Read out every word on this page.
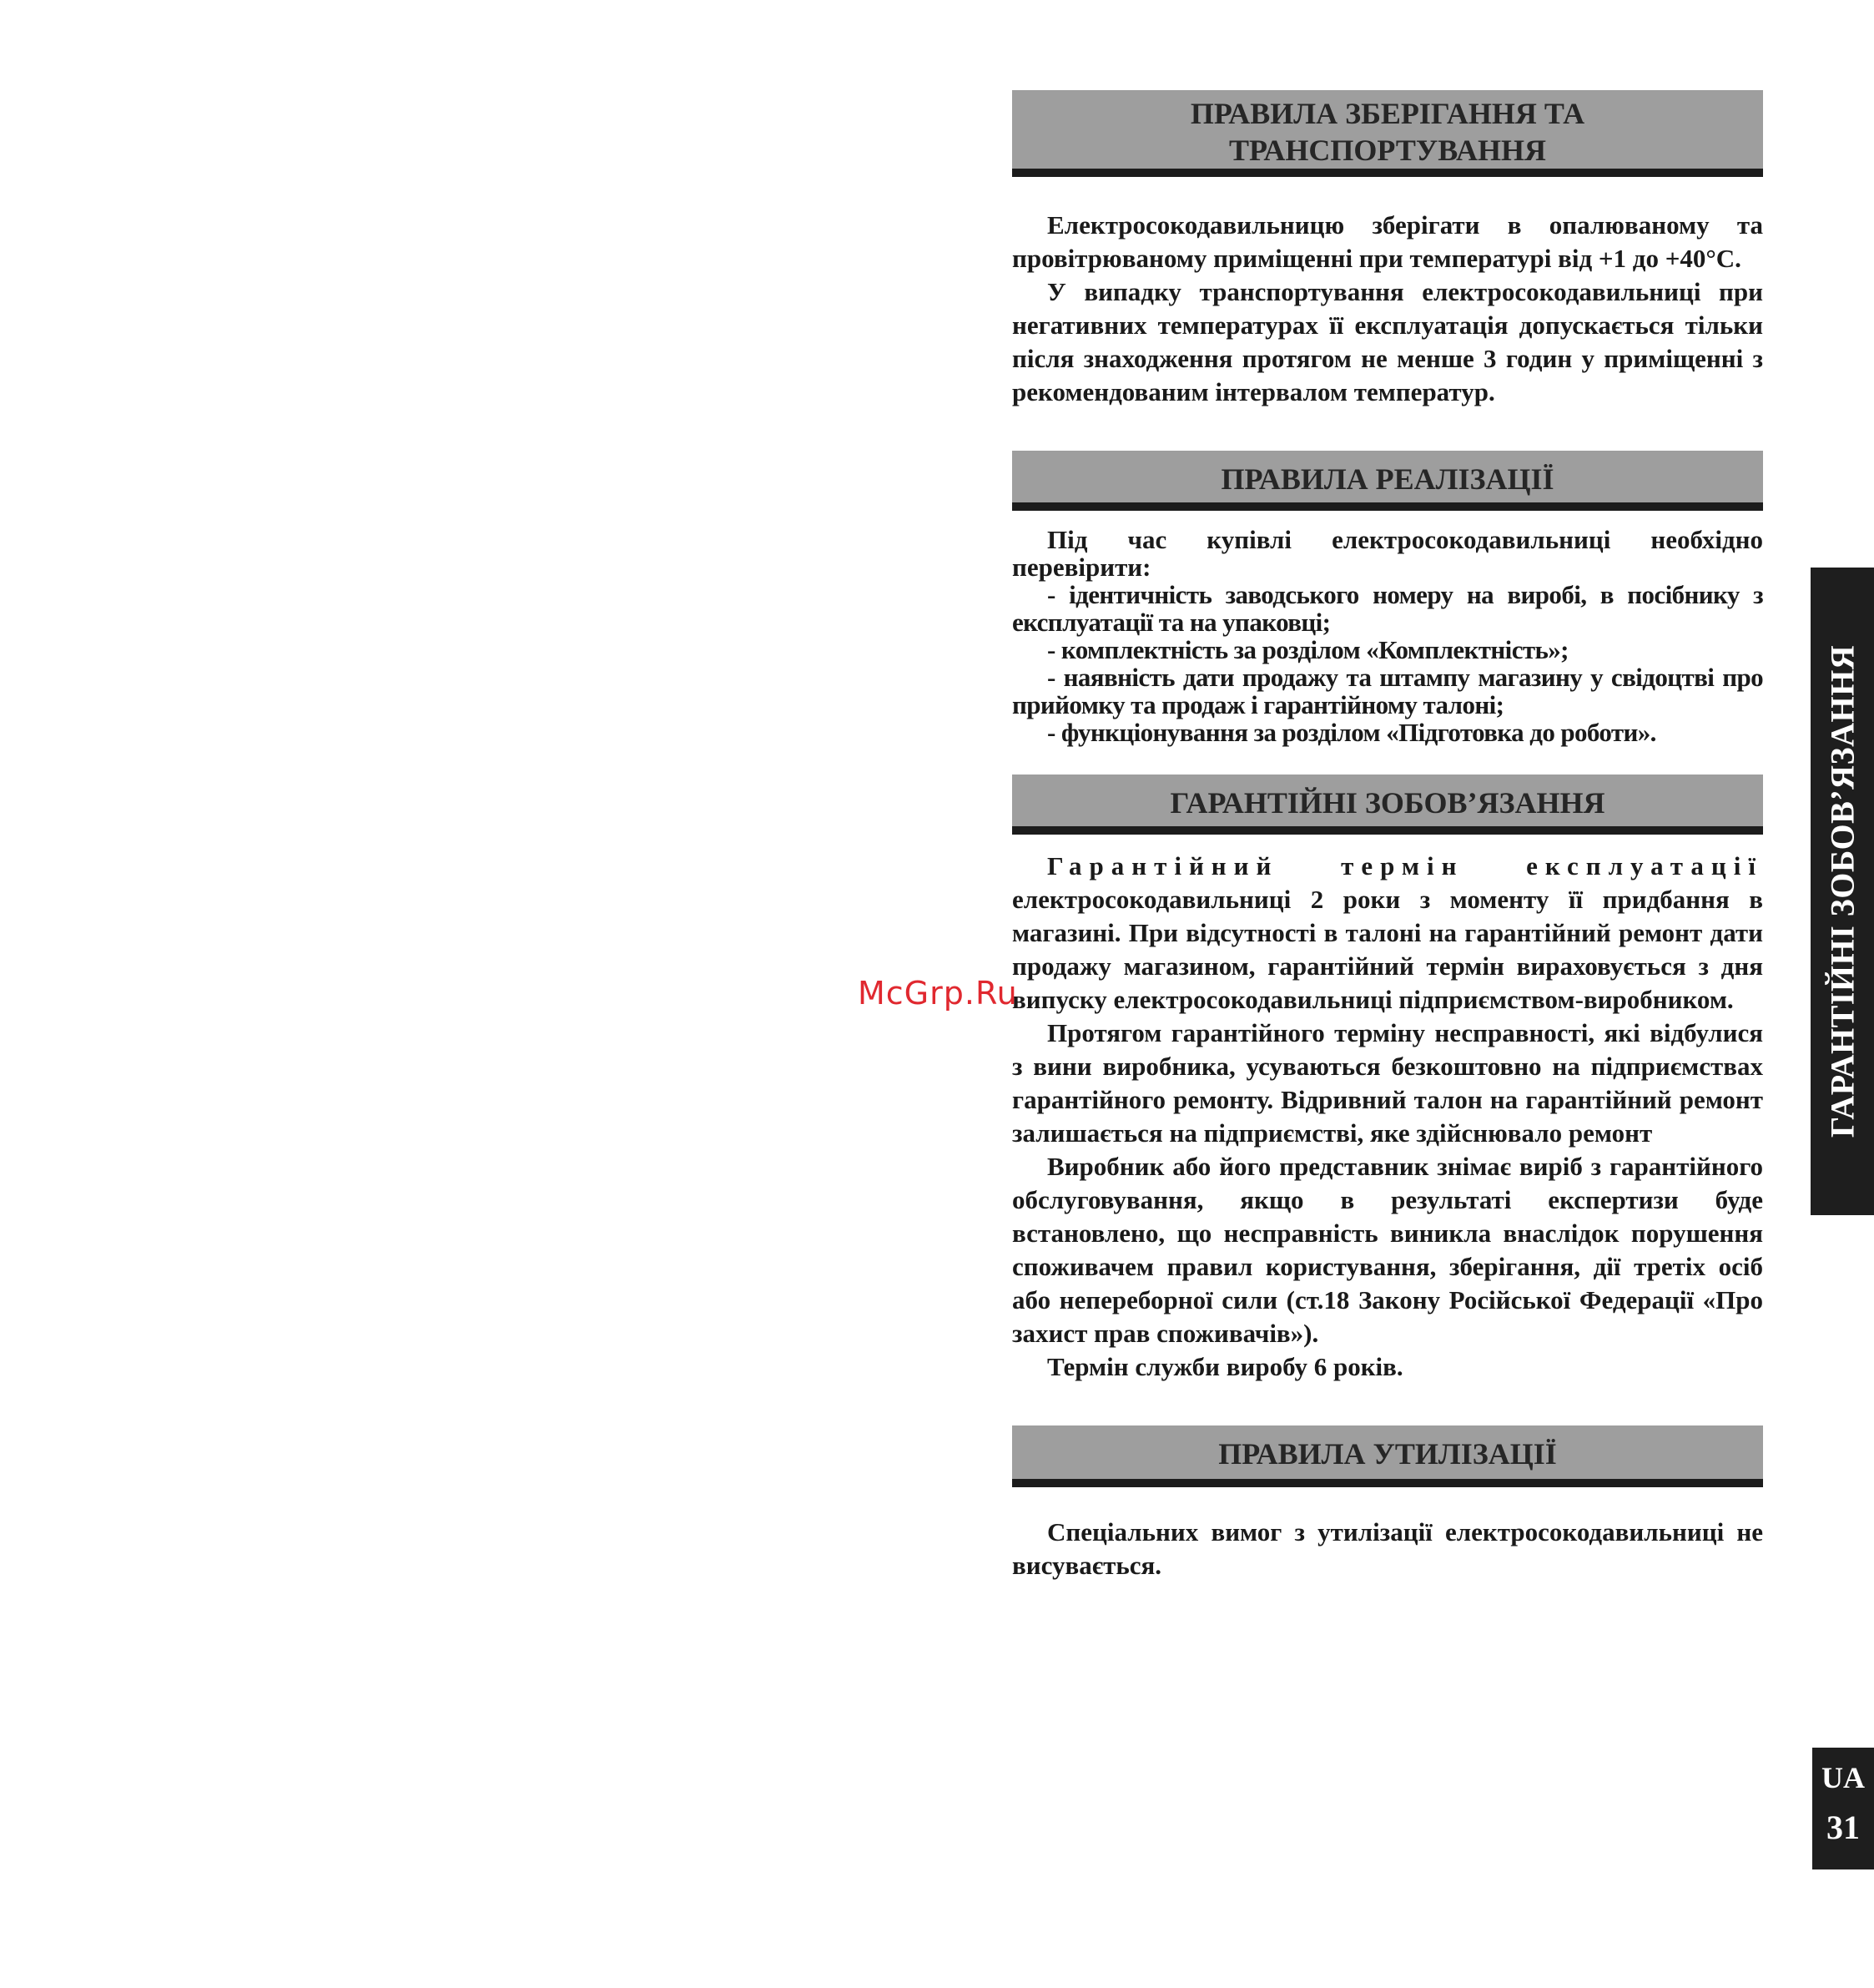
ПРАВИЛА ЗБЕРІГАННЯ ТА
ТРАНСПОРТУВАННЯ

Електросокодавильницю зберігати в опалюваному та провітрюваному приміщенні при температурі від +1 до +40°С.

У випадку транспортування електросокодавильниці при негативних температурах її експлуатація допускається тільки після знаходження протягом не менше 3 годин у приміщенні з рекомендованим інтервалом температур.

ПРАВИЛА РЕАЛІЗАЦІЇ

Під час купівлі електросокодавильниці необхідно перевірити:

- ідентичність заводського номеру на виробі, в посібнику з експлуатації та на упаковці;

- комплектність за розділом «Комплектність»;

- наявність дати продажу та штампу магазину у свідоцтві про прийомку та продаж і гарантійному талоні;

- функціонування за розділом «Підготовка до роботи».

ГАРАНТІЙНІ ЗОБОВ’ЯЗАННЯ

Гарантійний термін експлуатації електросокодавильниці 2 роки з моменту її придбання в магазині. При відсутності в талоні на гарантійний ремонт дати продажу магазином, гарантійний термін вираховується з дня випуску електросокодавильниці підприємством-виробником.

Протягом гарантійного терміну несправності, які відбулися з вини виробника, усуваються безкоштовно на підприємствах гарантійного ремонту. Відривний талон на гарантійний ремонт залишається на підприємстві, яке здійснювало ремонт

Виробник або його представник знімає виріб з гарантійного обслуговування, якщо в результаті експертизи буде встановлено, що несправність виникла внаслідок порушення споживачем правил користування, зберігання, дії третіх осіб або непереборної сили (ст.18 Закону Російської Федерації «Про захист прав споживачів»).

Термін служби виробу 6 років.

ПРАВИЛА УТИЛІЗАЦІЇ

Спеціальних вимог з утилізації електросокодавильниці не висувається.

ГАРАНТІЙНІ ЗОБОВ’ЯЗАННЯ
UA
31
McGrp.Ru
